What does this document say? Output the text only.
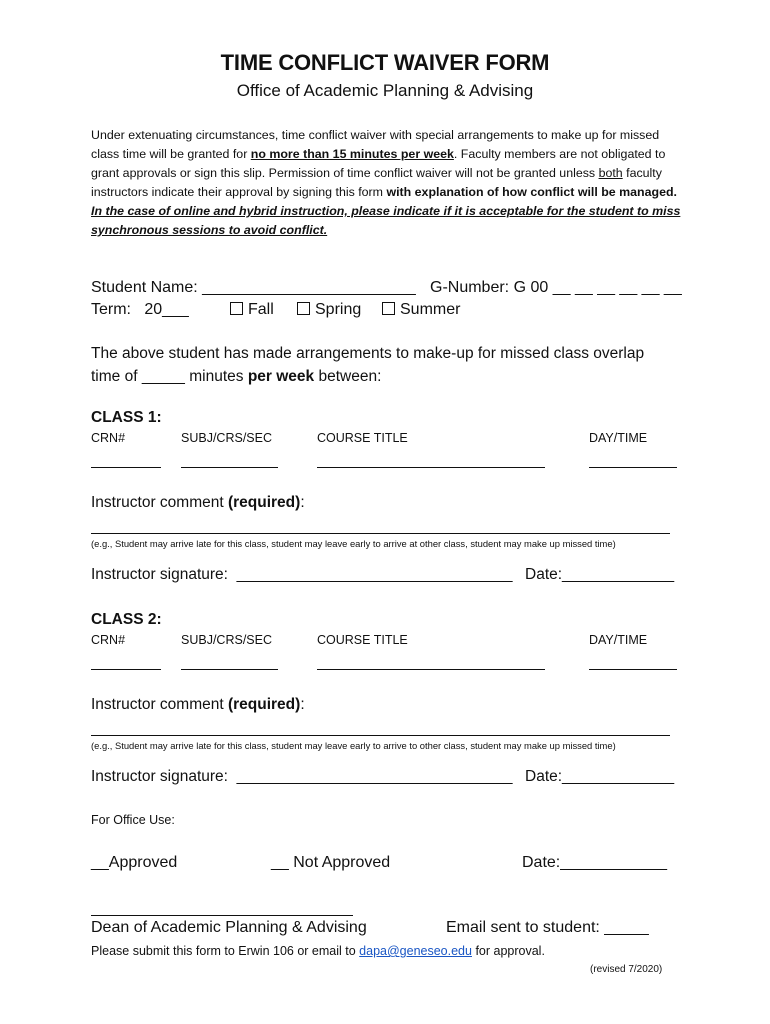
TIME CONFLICT WAIVER FORM
Office of Academic Planning & Advising
Under extenuating circumstances, time conflict waiver with special arrangements to make up for missed class time will be granted for no more than 15 minutes per week. Faculty members are not obligated to grant approvals or sign this slip. Permission of time conflict waiver will not be granted unless both faculty instructors indicate their approval by signing this form with explanation of how conflict will be managed. In the case of online and hybrid instruction, please indicate if it is acceptable for the student to miss synchronous sessions to avoid conflict.
Student Name: ________________________ G-Number: G 00 __ __ __ __ __ __
Term:   20___	Fall	Spring	Summer
The above student has made arrangements to make-up for missed class overlap
time of _____ minutes per week between:
CLASS 1:
CRN#	SUBJ/CRS/SEC	COURSE TITLE	DAY/TIME
Instructor comment (required):
(e.g., Student may arrive late for this class, student may leave early to arrive at other class, student may make up missed time)
Instructor signature:  ________________________________ Date:_____________
CLASS 2:
CRN#	SUBJ/CRS/SEC	COURSE TITLE	DAY/TIME
Instructor comment (required):
(e.g., Student may arrive late for this class, student may leave early to arrive to other class, student may make up missed time)
Instructor signature:  ________________________________ Date:_____________
For Office Use:
__Approved	__ Not Approved	Date:____________
Dean of Academic Planning & Advising	Email sent to student: _____
Please submit this form to Erwin 106 or email to dapa@geneseo.edu for approval.
(revised 7/2020)
